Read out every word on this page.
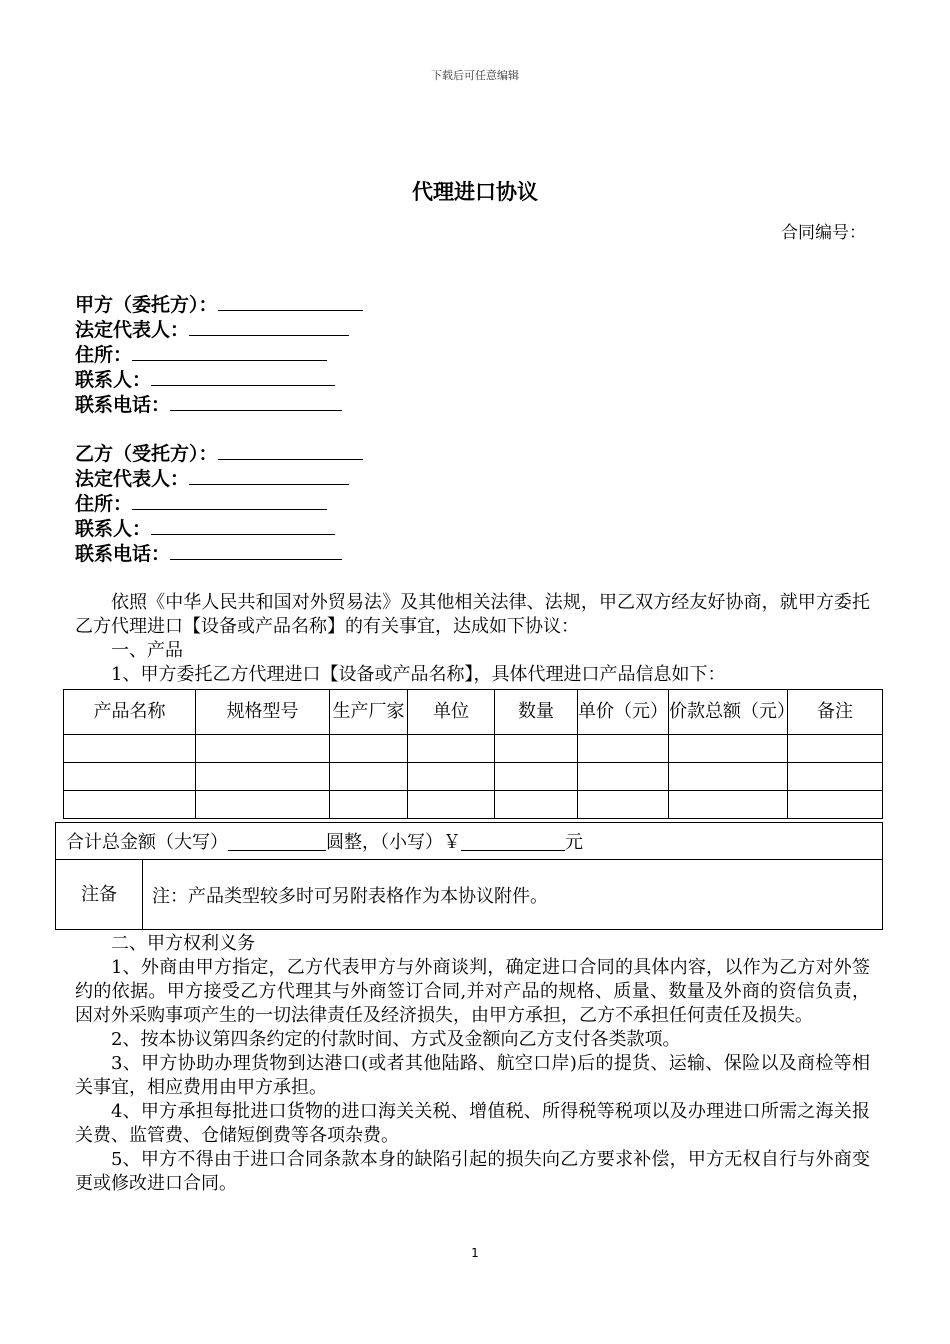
下载后可任意编辑
代理进口协议
合同编号：
甲方（委托方）：
法定代表人：
住所：
联系人：
联系电话：
乙方（受托方）：
法定代表人：
住所：
联系人：
联系电话：
依照《中华人民共和国对外贸易法》及其他相关法律、法规，甲乙双方经友好协商，就甲方委托乙方代理进口【设备或产品名称】的有关事宜，达成如下协议：
一、产品
1、甲方委托乙方代理进口【设备或产品名称】，具体代理进口产品信息如下：
产品名称	规格型号	生产厂家	单位	数量	单价（元）	价款总额（元）	备注

合计总金额（大写）	圆整，（小写）￥	元
注备	注：产品类型较多时可另附表格作为本协议附件。
二、甲方权利义务
1、外商由甲方指定，乙方代表甲方与外商谈判，确定进口合同的具体内容，以作为乙方对外签约的依据。甲方接受乙方代理其与外商签订合同,并对产品的规格、质量、数量及外商的资信负责，因对外采购事项产生的一切法律责任及经济损失，由甲方承担，乙方不承担任何责任及损失。
2、按本协议第四条约定的付款时间、方式及金额向乙方支付各类款项。
3、甲方协助办理货物到达港口(或者其他陆路、航空口岸)后的提货、运输、保险以及商检等相关事宜，相应费用由甲方承担。
4、甲方承担每批进口货物的进口海关关税、增值税、所得税等税项以及办理进口所需之海关报关费、监管费、仓储短倒费等各项杂费。
5、甲方不得由于进口合同条款本身的缺陷引起的损失向乙方要求补偿，甲方无权自行与外商变更或修改进口合同。
1
